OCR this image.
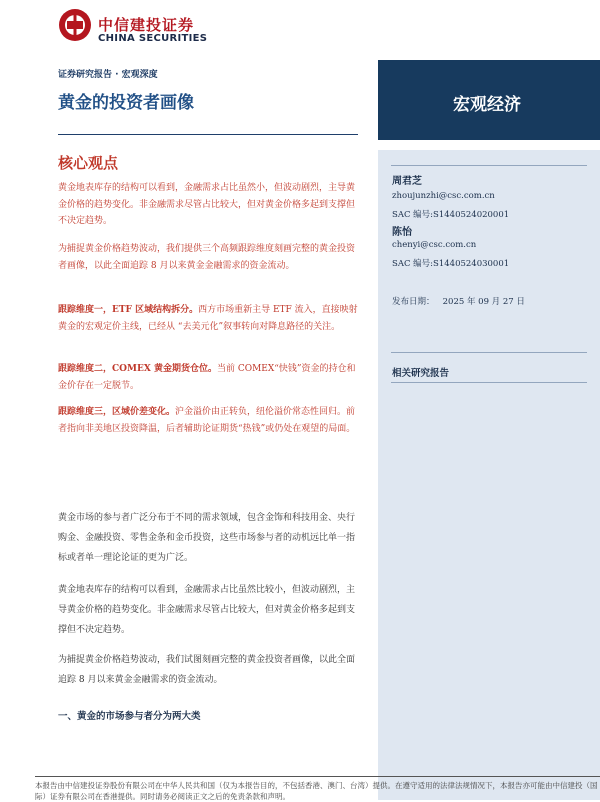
中信建投证券
CHINA SECURITIES
证券研究报告 · 宏观深度
黄金的投资者画像	宏观经济
核心观点
黄金地表库存的结构可以看到，金融需求占比虽然小，但波动剧烈，主导黄金价格的趋势变化。非金融需求尽管占比较大，但对黄金价格多起到支撑但不决定趋势。
为捕捉黄金价格趋势波动，我们提供三个高频跟踪维度刻画完整的黄金投资者画像，以此全面追踪 8 月以来黄金金融需求的资金流动。
跟踪维度一，ETF 区域结构拆分。西方市场重新主导 ETF 流入，直接映射黄金的宏观定价主线，已经从 “去美元化”叙事转向对降息路径的关注。
跟踪维度二，COMEX 黄金期货仓位。当前 COMEX“快钱”资金的持仓和金价存在一定脱节。
跟踪维度三，区域价差变化。沪金溢价由正转负，纽伦溢价常态性回归。前者指向非美地区投资降温，后者辅助论证期货“热钱”或仍处在观望的局面。
周君芝
zhoujunzhi@csc.com.cn
SAC 编号:S1440524020001
陈怡
chenyi@csc.com.cn
SAC 编号:S1440524030001
发布日期： 2025 年 09 月 27 日
相关研究报告
黄金市场的参与者广泛分布于不同的需求领域，包含金饰和科技用金、央行购金、金融投资、零售金条和金币投资，这些市场参与者的动机远比单一指标或者单一理论论证的更为广泛。
黄金地表库存的结构可以看到，金融需求占比虽然比较小，但波动剧烈，主导黄金价格的趋势变化。非金融需求尽管占比较大，但对黄金价格多起到支撑但不决定趋势。
为捕捉黄金价格趋势波动，我们试图刻画完整的黄金投资者画像，以此全面追踪 8 月以来黄金金融需求的资金流动。
一、黄金的市场参与者分为两大类
本报告由中信建投证券股份有限公司在中华人民共和国（仅为本报告目的，不包括香港、澳门、台湾）提供。在遵守适用的法律法规情况下，本报告亦可能由中信建投（国际）证券有限公司在香港提供。同时请务必阅读正文之后的免责条款和声明。
